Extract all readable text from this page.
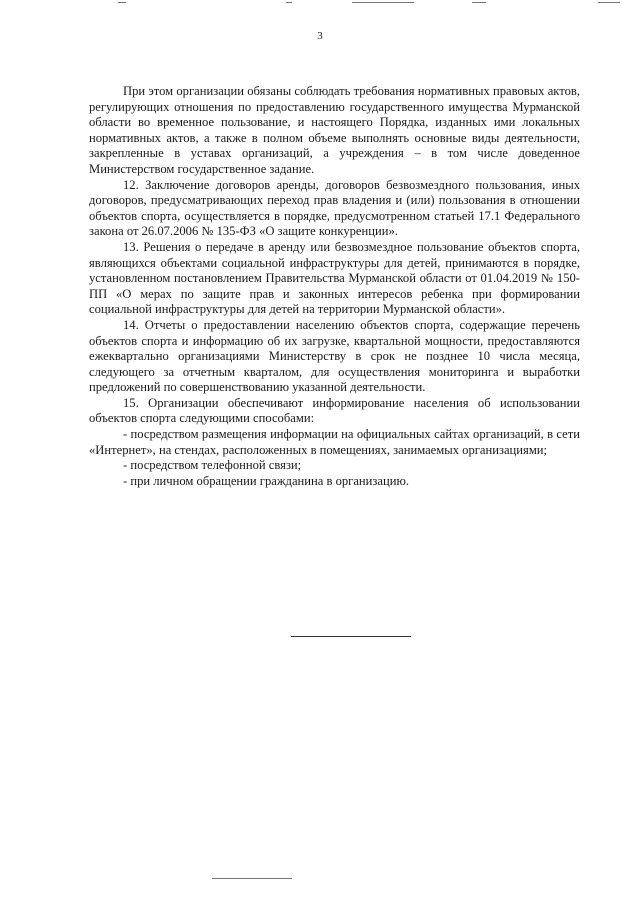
3

При этом организации обязаны соблюдать требования нормативных правовых актов, регулирующих отношения по предоставлению государственного имущества Мурманской области во временное пользование, и настоящего Порядка, изданных ими локальных нормативных актов, а также в полном объеме выполнять основные виды деятельности, закрепленные в уставах организаций, а учреждения – в том числе доведенное Министерством государственное задание.

12. Заключение договоров аренды, договоров безвозмездного пользования, иных договоров, предусматривающих переход прав владения и (или) пользования в отношении объектов спорта, осуществляется в порядке, предусмотренном статьей 17.1 Федерального закона от 26.07.2006 № 135-ФЗ «О защите конкуренции».

13. Решения о передаче в аренду или безвозмездное пользование объектов спорта, являющихся объектами социальной инфраструктуры для детей, принимаются в порядке, установленном постановлением Правительства Мурманской области от 01.04.2019 № 150-ПП «О мерах по защите прав и законных интересов ребенка при формировании социальной инфраструктуры для детей на территории Мурманской области».

14. Отчеты о предоставлении населению объектов спорта, содержащие перечень объектов спорта и информацию об их загрузке, квартальной мощности, предоставляются ежеквартально организациями Министерству в срок не позднее 10 числа месяца, следующего за отчетным кварталом, для осуществления мониторинга и выработки предложений по совершенствованию указанной деятельности.

15. Организации обеспечивают информирование населения об использовании объектов спорта следующими способами:

- посредством размещения информации на официальных сайтах организаций, в сети «Интернет», на стендах, расположенных в помещениях, занимаемых организациями;

- посредством телефонной связи;

- при личном обращении гражданина в организацию.
